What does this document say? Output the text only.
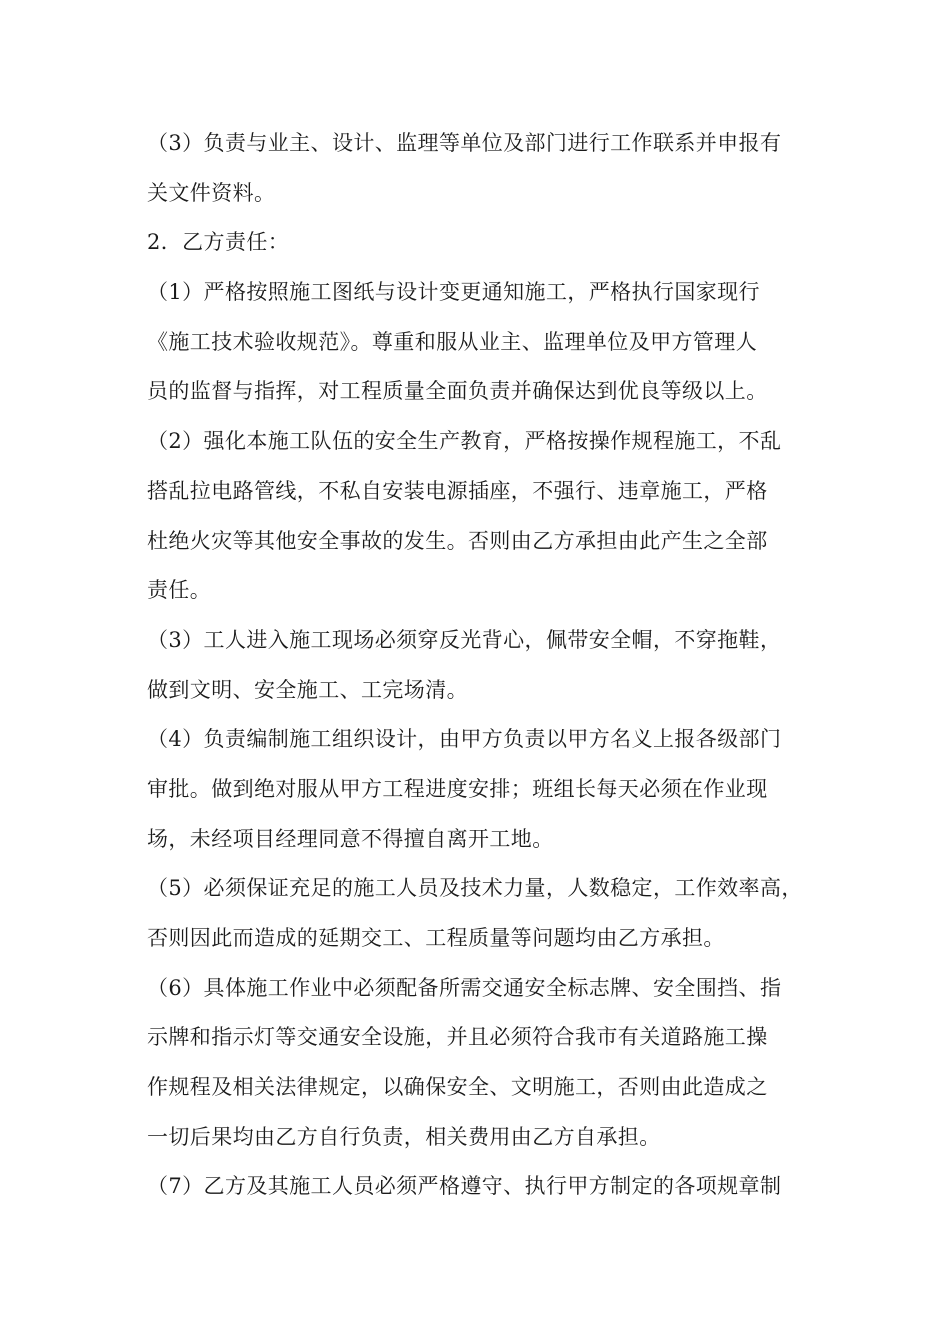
（3）负责与业主、设计、监理等单位及部门进行工作联系并申报有
关文件资料。
2．乙方责任：
（1）严格按照施工图纸与设计变更通知施工，严格执行国家现行
《施工技术验收规范》。尊重和服从业主、监理单位及甲方管理人
员的监督与指挥，对工程质量全面负责并确保达到优良等级以上。
（2）强化本施工队伍的安全生产教育，严格按操作规程施工，不乱
搭乱拉电路管线，不私自安装电源插座，不强行、违章施工，严格
杜绝火灾等其他安全事故的发生。否则由乙方承担由此产生之全部
责任。
（3）工人进入施工现场必须穿反光背心，佩带安全帽，不穿拖鞋，
做到文明、安全施工、工完场清。
（4）负责编制施工组织设计，由甲方负责以甲方名义上报各级部门
审批。做到绝对服从甲方工程进度安排；班组长每天必须在作业现
场，未经项目经理同意不得擅自离开工地。
（5）必须保证充足的施工人员及技术力量，人数稳定，工作效率高，
否则因此而造成的延期交工、工程质量等问题均由乙方承担。
（6）具体施工作业中必须配备所需交通安全标志牌、安全围挡、指
示牌和指示灯等交通安全设施，并且必须符合我市有关道路施工操
作规程及相关法律规定，以确保安全、文明施工，否则由此造成之
一切后果均由乙方自行负责，相关费用由乙方自承担。
（7）乙方及其施工人员必须严格遵守、执行甲方制定的各项规章制
